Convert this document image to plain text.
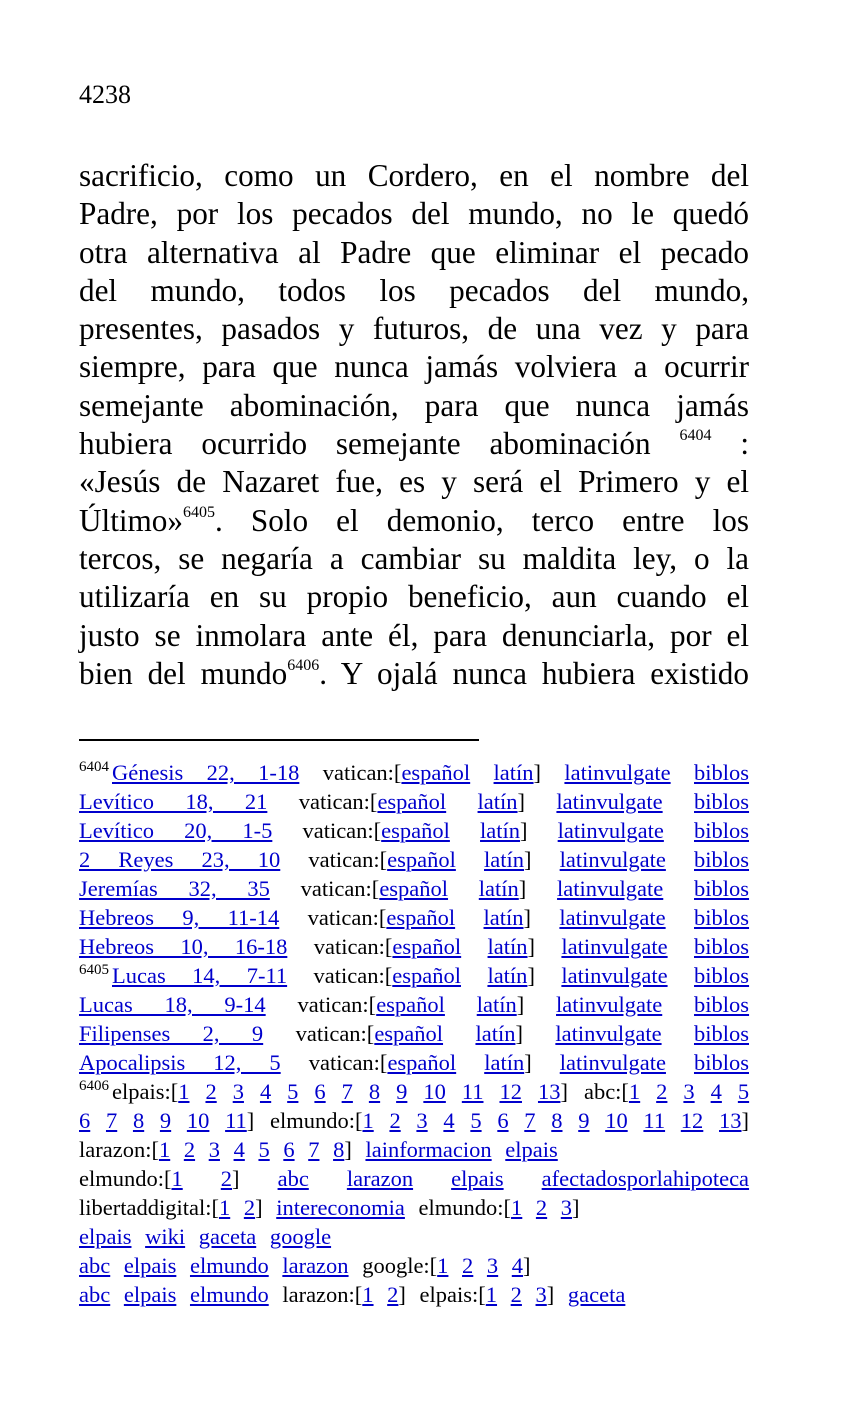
4238
sacrificio, como un Cordero, en el nombre del
Padre, por los pecados del mundo, no le quedó
otra alternativa al Padre que eliminar el pecado
del mundo, todos los pecados del mundo,
presentes, pasados y futuros, de una vez y para
siempre, para que nunca jamás volviera a ocurrir
semejante abominación, para que nunca jamás
hubiera ocurrido semejante abominación $^{6404}$ :
«Jesús de Nazaret fue, es y será el Primero y el
Último»$^{6405}$. Solo el demonio, terco entre los
tercos, se negaría a cambiar su maldita ley, o la
utilizaría en su propio beneficio, aun cuando el
justo se inmolara ante él, para denunciarla, por el
bien del mundo$^{6406}$. Y ojalá nunca hubiera existido
$^{6404}$ Génesis 22, 1-18 vatican:[español latín] latinvulgate biblos
Levítico 18, 21 vatican:[español latín] latinvulgate biblos
Levítico 20, 1-5 vatican:[español latín] latinvulgate biblos
2 Reyes 23, 10 vatican:[español latín] latinvulgate biblos
Jeremías 32, 35 vatican:[español latín] latinvulgate biblos
Hebreos 9, 11-14 vatican:[español latín] latinvulgate biblos
Hebreos 10, 16-18 vatican:[español latín] latinvulgate biblos
$^{6405}$ Lucas 14, 7-11 vatican:[español latín] latinvulgate biblos
Lucas 18, 9-14 vatican:[español latín] latinvulgate biblos
Filipenses 2, 9 vatican:[español latín] latinvulgate biblos
Apocalipsis 12, 5 vatican:[español latín] latinvulgate biblos
$^{6406}$ elpais:[1 2 3 4 5 6 7 8 9 10 11 12 13] abc:[1 2 3 4 5
6 7 8 9 10 11] elmundo:[1 2 3 4 5 6 7 8 9 10 11 12 13]
larazon:[1 2 3 4 5 6 7 8] lainformacion elpais
elmundo:[1 2] abc larazon elpais afectadosporlahipoteca
libertaddigital:[1 2] intereconomia elmundo:[1 2 3]
elpais wiki gaceta google
abc elpais elmundo larazon google:[1 2 3 4]
abc elpais elmundo larazon:[1 2] elpais:[1 2 3] gaceta
